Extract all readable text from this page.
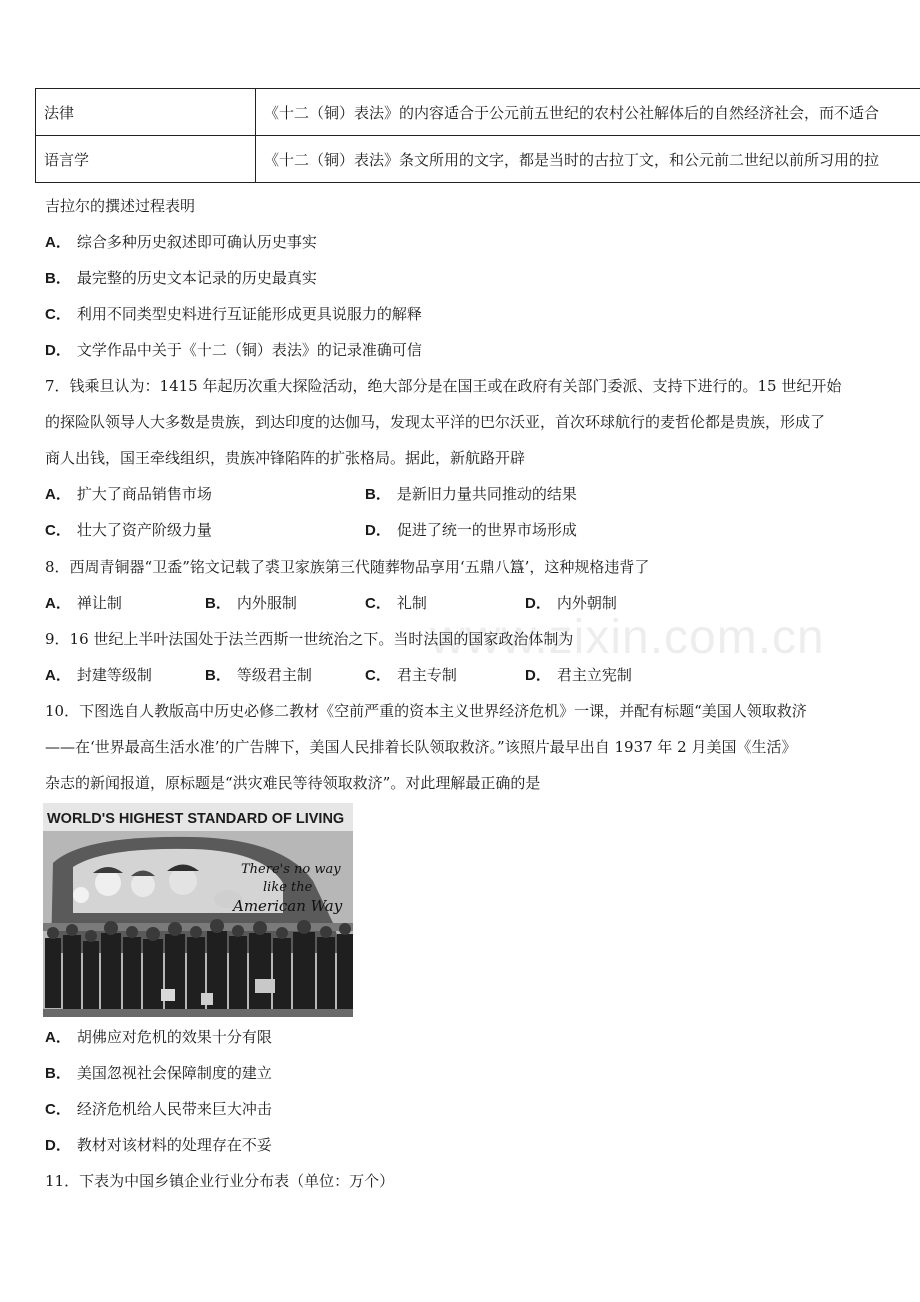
法律	《十二（铜）表法》的内容适合于公元前五世纪的农村公社解体后的自然经济社会，而不适合
语言学	《十二（铜）表法》条文所用的文字，都是当时的古拉丁文，和公元前二世纪以前所习用的拉
吉拉尔的撰述过程表明
A． 综合多种历史叙述即可确认历史事实
B． 最完整的历史文本记录的历史最真实
C． 利用不同类型史料进行互证能形成更具说服力的解释
D． 文学作品中关于《十二（铜）表法》的记录准确可信
7．钱乘旦认为：1415 年起历次重大探险活动，绝大部分是在国王或在政府有关部门委派、支持下进行的。15 世纪开始
的探险队领导人大多数是贵族，到达印度的达伽马，发现太平洋的巴尔沃亚，首次环球航行的麦哲伦都是贵族，形成了
商人出钱，国王牵线组织，贵族冲锋陷阵的扩张格局。据此，新航路开辟
A． 扩大了商品销售市场	B． 是新旧力量共同推动的结果
C． 壮大了资产阶级力量	D． 促进了统一的世界市场形成
8．西周青铜器“卫盉”铭文记载了裘卫家族第三代随葬物品享用‘五鼎八簋’，这种规格违背了
A． 禅让制	B． 内外服制	C． 礼制	D． 内外朝制
www.zixin.com.cn
9．16 世纪上半叶法国处于法兰西斯一世统治之下。当时法国的国家政治体制为
A． 封建等级制	B． 等级君主制	C． 君主专制	D． 君主立宪制
10．下图选自人教版高中历史必修二教材《空前严重的资本主义世界经济危机》一课，并配有标题“美国人领取救济
——在‘世界最高生活水准’的广告牌下，美国人民排着长队领取救济。”该照片最早出自 1937 年 2 月美国《生活》
杂志的新闻报道，原标题是“洪灾难民等待领取救济”。对此理解最正确的是
WORLD'S HIGHEST STANDARD OF LIVING
There's no way
like the
American Way
A． 胡佛应对危机的效果十分有限
B． 美国忽视社会保障制度的建立
C． 经济危机给人民带来巨大冲击
D． 教材对该材料的处理存在不妥
11．下表为中国乡镇企业行业分布表（单位：万个）
